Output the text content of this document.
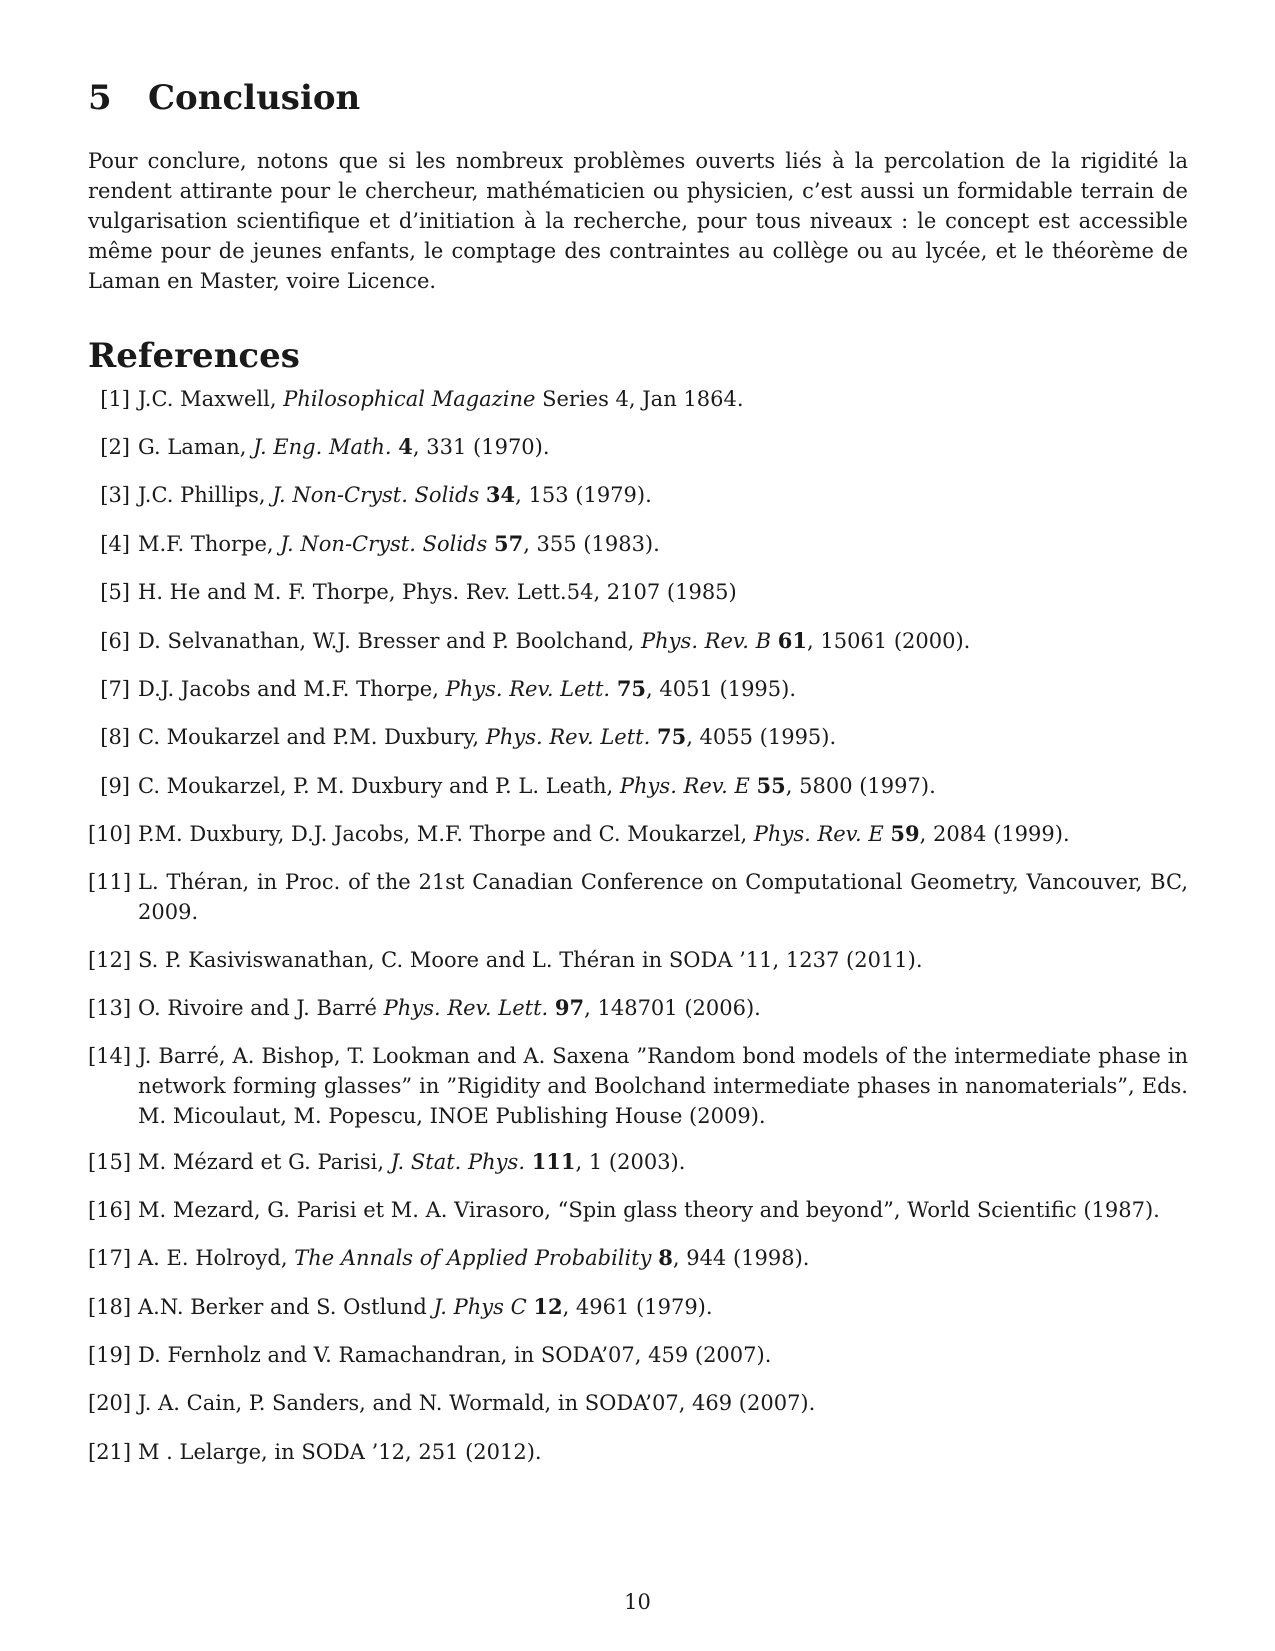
5 Conclusion

Pour conclure, notons que si les nombreux problèmes ouverts liés à la percolation de la rigidité la rendent attirante pour le chercheur, mathématicien ou physicien, c’est aussi un formidable terrain de vulgarisation scientifique et d’initiation à la recherche, pour tous niveaux : le concept est accessible même pour de jeunes enfants, le comptage des contraintes au collège ou au lycée, et le théorème de Laman en Master, voire Licence.

References
[1] J.C. Maxwell, Philosophical Magazine Series 4, Jan 1864.
[2] G. Laman, J. Eng. Math. 4, 331 (1970).
[3] J.C. Phillips, J. Non-Cryst. Solids 34, 153 (1979).
[4] M.F. Thorpe, J. Non-Cryst. Solids 57, 355 (1983).
[5] H. He and M. F. Thorpe, Phys. Rev. Lett.54, 2107 (1985)
[6] D. Selvanathan, W.J. Bresser and P. Boolchand, Phys. Rev. B 61, 15061 (2000).
[7] D.J. Jacobs and M.F. Thorpe, Phys. Rev. Lett. 75, 4051 (1995).
[8] C. Moukarzel and P.M. Duxbury, Phys. Rev. Lett. 75, 4055 (1995).
[9] C. Moukarzel, P. M. Duxbury and P. L. Leath, Phys. Rev. E 55, 5800 (1997).
[10] P.M. Duxbury, D.J. Jacobs, M.F. Thorpe and C. Moukarzel, Phys. Rev. E 59, 2084 (1999).
[11] L. Théran, in Proc. of the 21st Canadian Conference on Computational Geometry, Vancouver, BC, 2009.
[12] S. P. Kasiviswanathan, C. Moore and L. Théran in SODA ’11, 1237 (2011).
[13] O. Rivoire and J. Barré Phys. Rev. Lett. 97, 148701 (2006).
[14] J. Barré, A. Bishop, T. Lookman and A. Saxena ”Random bond models of the intermediate phase in network forming glasses” in ”Rigidity and Boolchand intermediate phases in nanomaterials”, Eds. M. Micoulaut, M. Popescu, INOE Publishing House (2009).
[15] M. Mézard et G. Parisi, J. Stat. Phys. 111, 1 (2003).
[16] M. Mezard, G. Parisi et M. A. Virasoro, “Spin glass theory and beyond”, World Scientific (1987).
[17] A. E. Holroyd, The Annals of Applied Probability 8, 944 (1998).
[18] A.N. Berker and S. Ostlund J. Phys C 12, 4961 (1979).
[19] D. Fernholz and V. Ramachandran, in SODA’07, 459 (2007).
[20] J. A. Cain, P. Sanders, and N. Wormald, in SODA’07, 469 (2007).
[21] M . Lelarge, in SODA ’12, 251 (2012).
10
